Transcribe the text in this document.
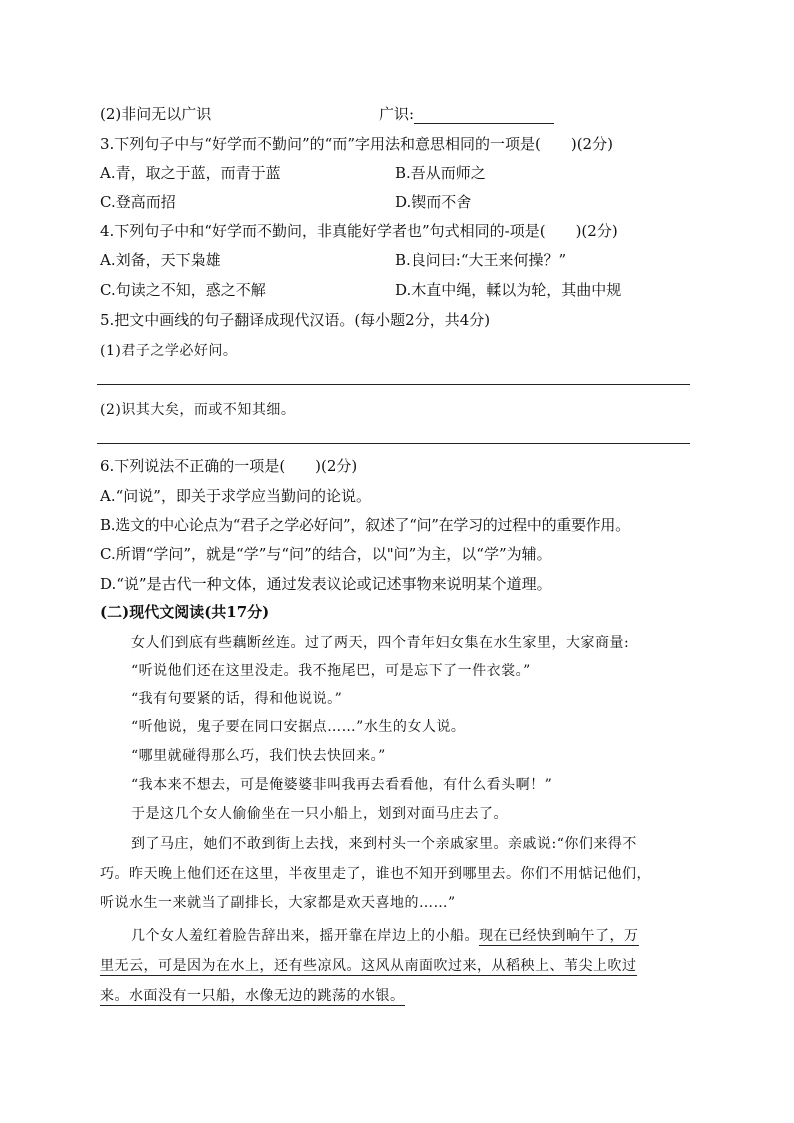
(2)非问无以广识	广识:
3.下列句子中与“好学而不勤问”的“而”字用法和意思相同的一项是(　　)(2分)
A.青，取之于蓝，而青于蓝	B.吾从而师之
C.登高而招	D.锲而不舍
4.下列句子中和“好学而不勤问，非真能好学者也”句式相同的-项是(　　)(2分)
A.刘备，天下枭雄	B.良问曰:“大王来何操？”
C.句读之不知，惑之不解	D.木直中绳，輮以为轮，其曲中规
5.把文中画线的句子翻译成现代汉语。(每小题2分，共4分)
(1)君子之学必好问。
(2)识其大矣，而或不知其细。
6.下列说法不正确的一项是(　　)(2分)
A.“问说”，即关于求学应当勤问的论说。
B.选文的中心论点为“君子之学必好问”，叙述了“问”在学习的过程中的重要作用。
C.所谓“学问”，就是“学”与“问”的结合，以"问”为主，以“学”为辅。
D.“说”是古代一种文体，通过发表议论或记述事物来说明某个道理。
(二)现代文阅读(共17分)
女人们到底有些藕断丝连。过了两天，四个青年妇女集在水生家里，大家商量:
“听说他们还在这里没走。我不拖尾巴，可是忘下了一件衣裳。”
“我有句要紧的话，得和他说说。”
“听他说，鬼子要在同口安据点……”水生的女人说。
“哪里就碰得那么巧，我们快去快回来。”
“我本来不想去，可是俺婆婆非叫我再去看看他，有什么看头啊！”
于是这几个女人偷偷坐在一只小船上，划到对面马庄去了。
到了马庄，她们不敢到街上去找，来到村头一个亲戚家里。亲戚说:“你们来得不
巧。昨天晚上他们还在这里，半夜里走了，谁也不知开到哪里去。你们不用惦记他们，
听说水生一来就当了副排长，大家都是欢天喜地的……”
几个女人羞红着脸告辞出来，摇开靠在岸边上的小船。现在已经快到晌午了，万
里无云，可是因为在水上，还有些凉风。这风从南面吹过来，从稻秧上、苇尖上吹过
来。水面没有一只船，水像无边的跳荡的水银。
